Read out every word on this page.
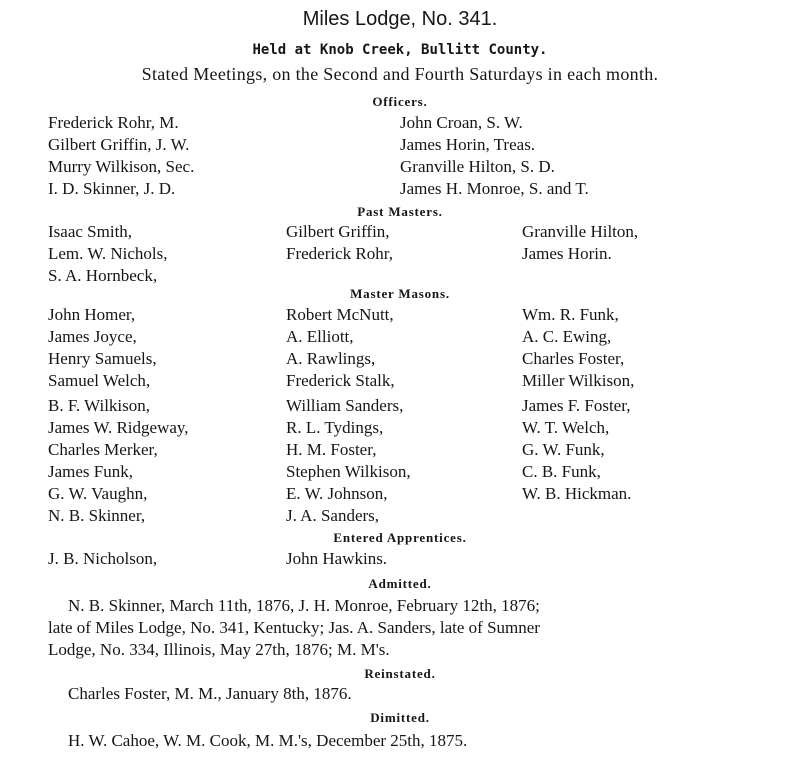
Miles Lodge, No. 341.
Held at Knob Creek, Bullitt County.
Stated Meetings, on the Second and Fourth Saturdays in each month.
Officers.
Frederick Rohr, M.
Gilbert Griffin, J. W.
Murry Wilkison, Sec.
I. D. Skinner, J. D.
John Croan, S. W.
James Horin, Treas.
Granville Hilton, S. D.
James H. Monroe, S. and T.
Past Masters.
Isaac Smith,
Lem. W. Nichols,
S. A. Hornbeck,
Gilbert Griffin,
Frederick Rohr,
Granville Hilton,
James Horin.
Master Masons.
John Homer,
James Joyce,
Henry Samuels,
Samuel Welch,
B. F. Wilkison,
James W. Ridgeway,
Charles Merker,
James Funk,
G. W. Vaughn,
N. B. Skinner,
Robert McNutt,
A. Elliott,
A. Rawlings,
Frederick Stalk,
William Sanders,
R. L. Tydings,
H. M. Foster,
Stephen Wilkison,
E. W. Johnson,
J. A. Sanders,
Wm. R. Funk,
A. C. Ewing,
Charles Foster,
Miller Wilkison,
James F. Foster,
W. T. Welch,
G. W. Funk,
C. B. Funk,
W. B. Hickman.
Entered Apprentices.
J. B. Nicholson,	John Hawkins.
Admitted.
N. B. Skinner, March 11th, 1876, J. H. Monroe, February 12th, 1876;
late of Miles Lodge, No. 341, Kentucky; Jas. A. Sanders, late of Sumner
Lodge, No. 334, Illinois, May 27th, 1876; M. M's.
Reinstated.
Charles Foster, M. M., January 8th, 1876.
Dimitted.
H. W. Cahoe, W. M. Cook, M. M.'s, December 25th, 1875.
